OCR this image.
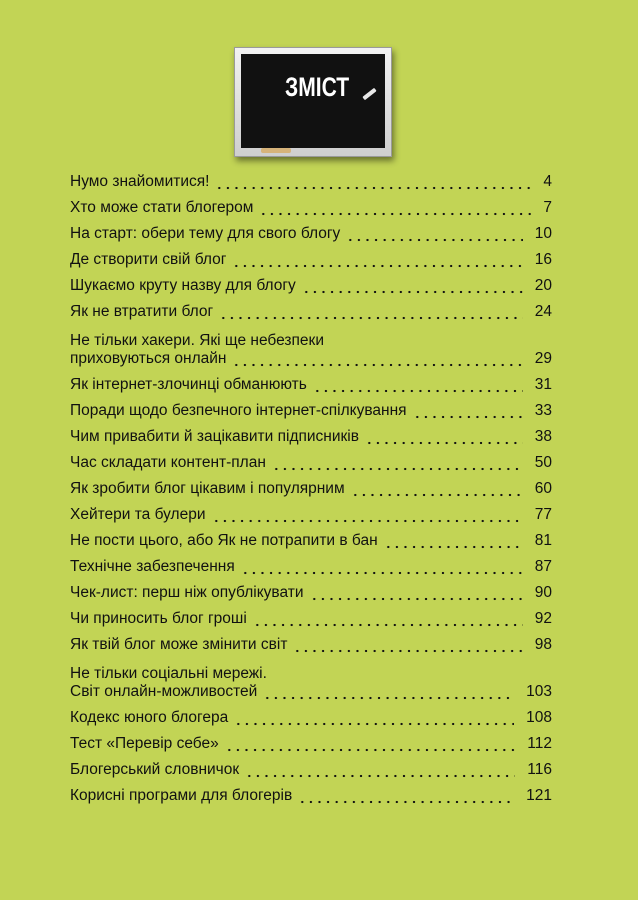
ЗМІСТ
Нумо знайомитися!	4
Хто може стати блогером	7
На старт: обери тему для свого блогу	10
Де створити свій блог	16
Шукаємо круту назву для блогу	20
Як не втратити блог	24
Не тільки хакери. Які ще небезпеки
приховуються онлайн	29
Як інтернет-злочинці обманюють	31
Поради щодо безпечного інтернет-спілкування	33
Чим привабити й зацікавити підписників	38
Час складати контент-план	50
Як зробити блог цікавим і популярним	60
Хейтери та булери	77
Не пости цього, або Як не потрапити в бан	81
Технічне забезпечення	87
Чек-лист: перш ніж опублікувати	90
Чи приносить блог гроші	92
Як твій блог може змінити світ	98
Не тільки соціальні мережі.
Світ онлайн-можливостей	103
Кодекс юного блогера	108
Тест «Перевір себе»	112
Блогерський словничок	116
Корисні програми для блогерів	121
